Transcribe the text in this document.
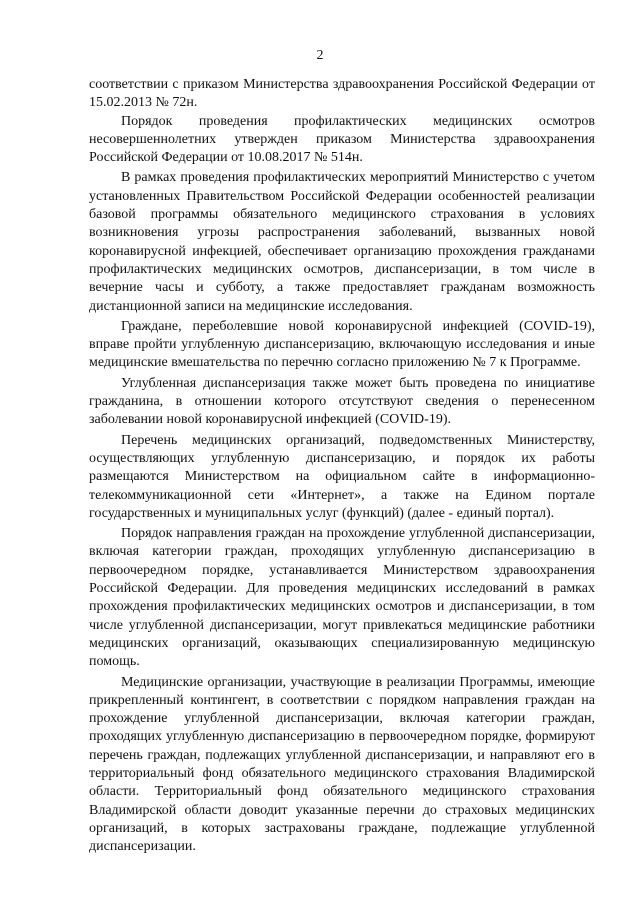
2

соответствии с приказом Министерства здравоохранения Российской Федерации от 15.02.2013 № 72н.

Порядок проведения профилактических медицинских осмотров несовершеннолетних утвержден приказом Министерства здравоохранения Российской Федерации от 10.08.2017 № 514н.

В рамках проведения профилактических мероприятий Министерство с учетом установленных Правительством Российской Федерации особенностей реализации базовой программы обязательного медицинского страхования в условиях возникновения угрозы распространения заболеваний, вызванных новой коронавирусной инфекцией, обеспечивает организацию прохождения гражданами профилактических медицинских осмотров, диспансеризации, в том числе в вечерние часы и субботу, а также предоставляет гражданам возможность дистанционной записи на медицинские исследования.

Граждане, переболевшие новой коронавирусной инфекцией (COVID-19), вправе пройти углубленную диспансеризацию, включающую исследования и иные медицинские вмешательства по перечню согласно приложению № 7 к Программе.

Углубленная диспансеризация также может быть проведена по инициативе гражданина, в отношении которого отсутствуют сведения о перенесенном заболевании новой коронавирусной инфекцией (COVID-19).

Перечень медицинских организаций, подведомственных Министерству, осуществляющих углубленную диспансеризацию, и порядок их работы размещаются Министерством на официальном сайте в информационно-телекоммуникационной сети «Интернет», а также на Едином портале государственных и муниципальных услуг (функций) (далее - единый портал).

Порядок направления граждан на прохождение углубленной диспансеризации, включая категории граждан, проходящих углубленную диспансеризацию в первоочередном порядке, устанавливается Министерством здравоохранения Российской Федерации. Для проведения медицинских исследований в рамках прохождения профилактических медицинских осмотров и диспансеризации, в том числе углубленной диспансеризации, могут привлекаться медицинские работники медицинских организаций, оказывающих специализированную медицинскую помощь.

Медицинские организации, участвующие в реализации Программы, имеющие прикрепленный контингент, в соответствии с порядком направления граждан на прохождение углубленной диспансеризации, включая категории граждан, проходящих углубленную диспансеризацию в первоочередном порядке, формируют перечень граждан, подлежащих углубленной диспансеризации, и направляют его в территориальный фонд обязательного медицинского страхования Владимирской области. Территориальный фонд обязательного медицинского страхования Владимирской области доводит указанные перечни до страховых медицинских организаций, в которых застрахованы граждане, подлежащие углубленной диспансеризации.
